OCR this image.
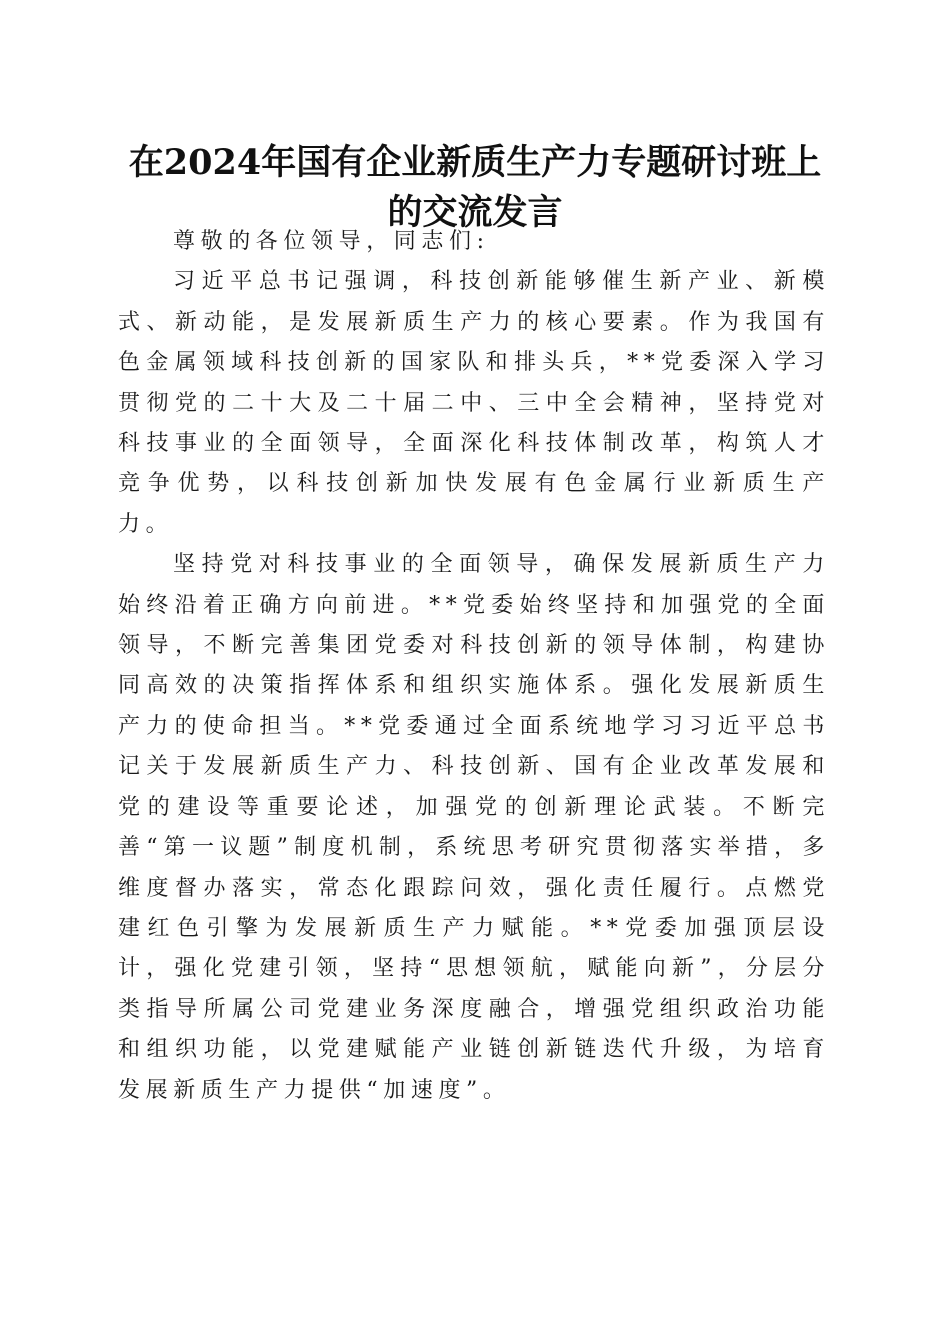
在2024年国有企业新质生产力专题研讨班上的交流发言

尊敬的各位领导，同志们:

习近平总书记强调，科技创新能够催生新产业、新模式、新动能，是发展新质生产力的核心要素。作为我国有色金属领域科技创新的国家队和排头兵，**党委深入学习贯彻党的二十大及二十届二中、三中全会精神，坚持党对科技事业的全面领导，全面深化科技体制改革，构筑人才竞争优势，以科技创新加快发展有色金属行业新质生产力。

坚持党对科技事业的全面领导，确保发展新质生产力始终沿着正确方向前进。**党委始终坚持和加强党的全面领导，不断完善集团党委对科技创新的领导体制，构建协同高效的决策指挥体系和组织实施体系。强化发展新质生产力的使命担当。**党委通过全面系统地学习习近平总书记关于发展新质生产力、科技创新、国有企业改革发展和党的建设等重要论述，加强党的创新理论武装。不断完善“第一议题”制度机制，系统思考研究贯彻落实举措，多维度督办落实，常态化跟踪问效，强化责任履行。点燃党建红色引擎为发展新质生产力赋能。**党委加强顶层设计，强化党建引领，坚持“思想领航，赋能向新”，分层分类指导所属公司党建业务深度融合，增强党组织政治功能和组织功能，以党建赋能产业链创新链迭代升级，为培育发展新质生产力提供“加速度”。
